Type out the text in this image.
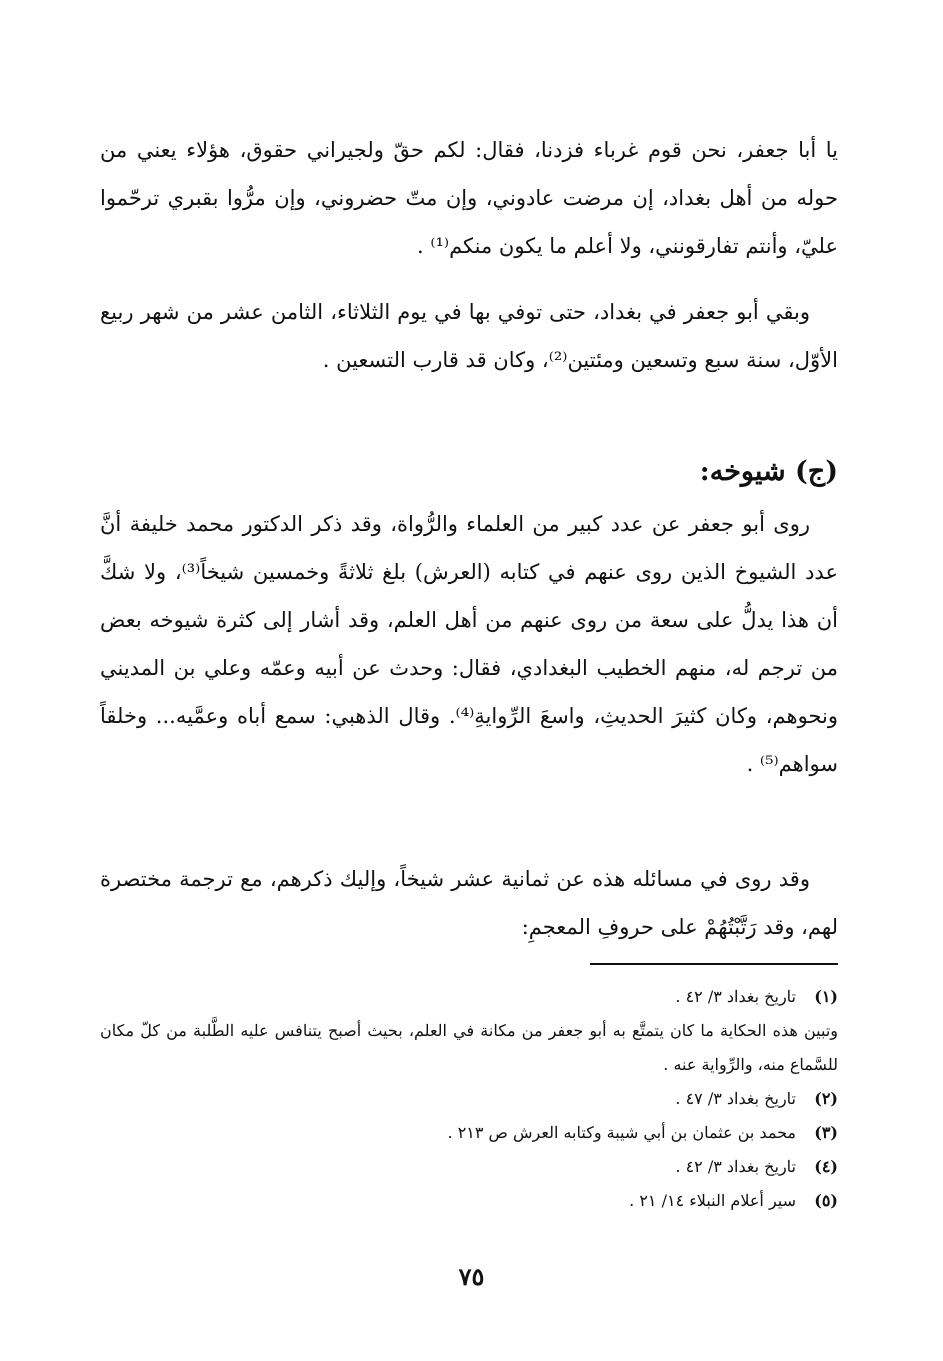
يا أبا جعفر، نحن قوم غرباء فزدنا، فقال: لكم حقّ ولجيراني حقوق، هؤلاء يعني من حوله من أهل بغداد، إن مرضت عادوني، وإن متّ حضروني، وإن مرُّوا بقبري ترحّموا عليّ، وأنتم تفارقونني، ولا أعلم ما يكون منكم⁽¹⁾ .

وبقي أبو جعفر في بغداد، حتى توفي بها في يوم الثلاثاء، الثامن عشر من شهر ربيع الأوّل، سنة سبع وتسعين ومئتين⁽²⁾، وكان قد قارب التسعين .

(ج) شيوخه:

روى أبو جعفر عن عدد كبير من العلماء والرُّواة، وقد ذكر الدكتور محمد خليفة أنَّ عدد الشيوخ الذين روى عنهم في كتابه (العرش) بلغ ثلاثةً وخمسين شيخاً⁽³⁾، ولا شكَّ أن هذا يدلُّ على سعة من روى عنهم من أهل العلم، وقد أشار إلى كثرة شيوخه بعض من ترجم له، منهم الخطيب البغدادي، فقال: وحدث عن أبيه وعمّه وعلي بن المديني ونحوهم، وكان كثيرَ الحديثِ، واسعَ الرِّوايةِ⁽⁴⁾. وقال الذهبي: سمع أباه وعمَّيه... وخلقاً سواهم⁽⁵⁾ .

وقد روى في مسائله هذه عن ثمانية عشر شيخاً، وإليك ذكرهم، مع ترجمة مختصرة لهم، وقد رَتَّبْتُهُمْ على حروفِ المعجمِ:

(١)
تاريخ بغداد ٣/ ٤٢ .
وتبين هذه الحكاية ما كان يتمتَّع به أبو جعفر من مكانة في العلم، بحيث أصبح يتنافس عليه الطَّلبة من كلّ مكان للسَّماع منه، والرِّواية عنه .
(٢)
تاريخ بغداد ٣/ ٤٧ .
(٣)
محمد بن عثمان بن أبي شيبة وكتابه العرش ص ٢١٣ .
(٤)
تاريخ بغداد ٣/ ٤٢ .
(٥)
سير أعلام النبلاء ١٤/ ٢١ .
٧٥
